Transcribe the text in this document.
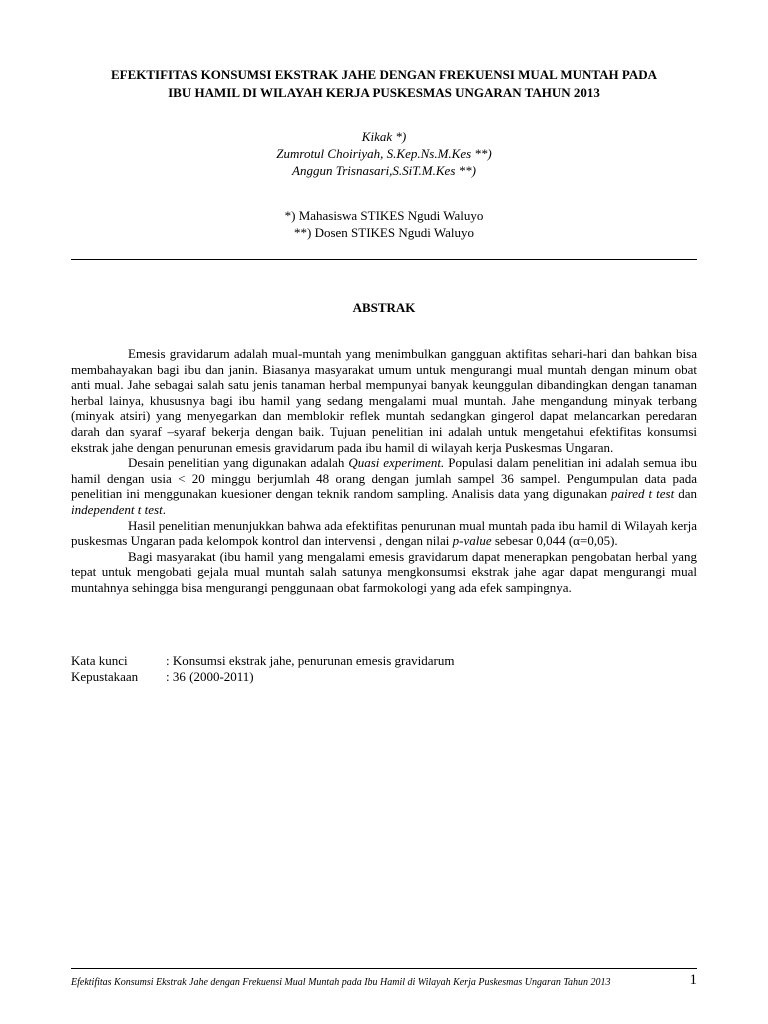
EFEKTIFITAS KONSUMSI EKSTRAK JAHE DENGAN FREKUENSI MUAL MUNTAH PADA
IBU HAMIL DI WILAYAH KERJA PUSKESMAS UNGARAN TAHUN 2013
Kikak *)
Zumrotul Choiriyah, S.Kep.Ns.M.Kes **)
Anggun Trisnasari,S.SiT.M.Kes **)
*) Mahasiswa STIKES Ngudi Waluyo
**) Dosen STIKES Ngudi Waluyo
ABSTRAK

Emesis gravidarum adalah mual-muntah yang menimbulkan gangguan aktifitas sehari-hari dan bahkan bisa membahayakan bagi ibu dan janin. Biasanya masyarakat umum untuk mengurangi mual muntah dengan minum obat anti mual. Jahe sebagai salah satu jenis tanaman herbal mempunyai banyak keunggulan dibandingkan dengan tanaman herbal lainya, khususnya bagi ibu hamil yang sedang mengalami mual muntah. Jahe mengandung minyak terbang (minyak atsiri) yang menyegarkan dan memblokir reflek muntah sedangkan gingerol dapat melancarkan peredaran darah dan syaraf –syaraf bekerja dengan baik. Tujuan penelitian ini adalah untuk mengetahui efektifitas konsumsi ekstrak jahe dengan penurunan emesis gravidarum pada ibu hamil di wilayah kerja Puskesmas Ungaran.

Desain penelitian yang digunakan adalah Quasi experiment. Populasi dalam penelitian ini adalah semua ibu hamil dengan usia < 20 minggu berjumlah 48 orang dengan jumlah sampel 36 sampel. Pengumpulan data pada penelitian ini menggunakan kuesioner dengan teknik random sampling. Analisis data yang digunakan paired t test dan independent t test.

Hasil penelitian menunjukkan bahwa ada efektifitas penurunan mual muntah pada ibu hamil di Wilayah kerja puskesmas Ungaran pada kelompok kontrol dan intervensi , dengan nilai p-value sebesar 0,044 (α=0,05).

Bagi masyarakat (ibu hamil yang mengalami emesis gravidarum dapat menerapkan pengobatan herbal yang tepat untuk mengobati gejala mual muntah salah satunya mengkonsumsi ekstrak jahe agar dapat mengurangi mual muntahnya sehingga bisa mengurangi penggunaan obat farmokologi yang ada efek sampingnya.

Kata kunci	: Konsumsi ekstrak jahe, penurunan emesis gravidarum
Kepustakaan	: 36 (2000-2011)
Efektifitas Konsumsi Ekstrak Jahe dengan Frekuensi Mual Muntah pada Ibu Hamil di Wilayah Kerja Puskesmas Ungaran Tahun 2013	1
